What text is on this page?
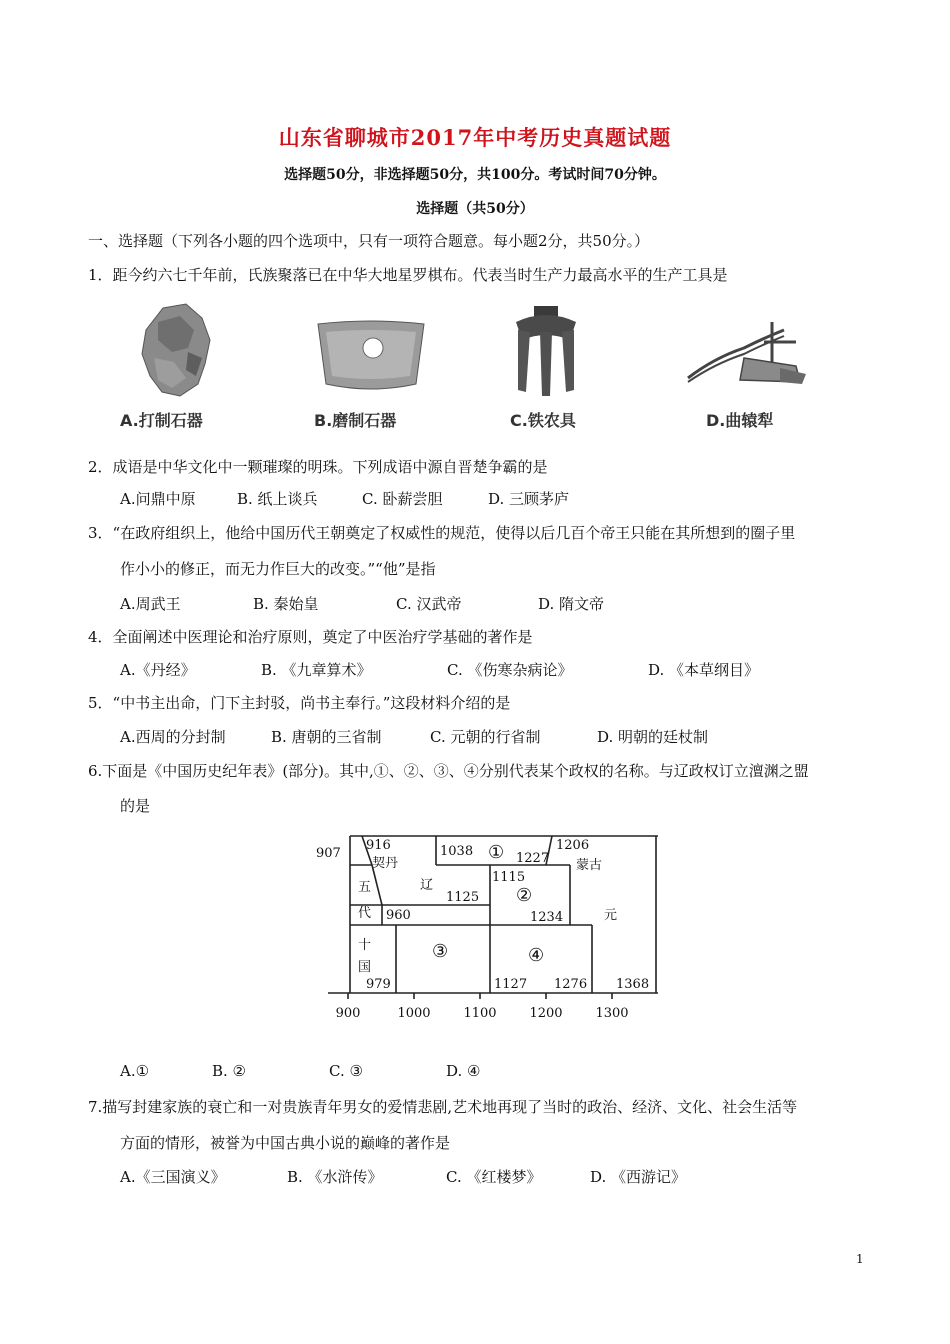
山东省聊城市2017年中考历史真题试题
选择题50分，非选择题50分，共100分。考试时间70分钟。
选择题（共50分）
一、选择题（下列各小题的四个选项中，只有一项符合题意。每小题2分，共50分。）
1．距今约六七千年前，氏族聚落已在中华大地星罗棋布。代表当时生产力最高水平的生产工具是
A.打制石器	B.磨制石器	C.铁农具	D.曲辕犁
2．成语是中华文化中一颗璀璨的明珠。下列成语中源自晋楚争霸的是
A.问鼎中原	B. 纸上谈兵	C. 卧薪尝胆	D. 三顾茅庐
3．“在政府组织上，他给中国历代王朝奠定了权威性的规范，使得以后几百个帝王只能在其所想到的圈子里
作小小的修正，而无力作巨大的改变。”“他”是指
A.周武王	B. 秦始皇	C. 汉武帝	D. 隋文帝
4．全面阐述中医理论和治疗原则，奠定了中医治疗学基础的著作是
A.《丹经》	B. 《九章算术》	C. 《伤寒杂病论》	D. 《本草纲目》
5．“中书主出命，门下主封驳，尚书主奉行。”这段材料介绍的是
A.西周的分封制	B. 唐朝的三省制	C. 元朝的行省制	D. 明朝的廷杖制
6.下面是《中国历史纪年表》(部分)。其中,①、②、③、④分别代表某个政权的名称。与辽政权订立澶渊之盟
的是
907
916
契丹
1038 ① 1227
1206
蒙古
辽
1115
②
五
代
1125
960	1234	元
十
国
③	④
979	1127 1276 1368
900	1000	1100	1200	1300
A.①	B. ②	C. ③	D. ④
7.描写封建家族的衰亡和一对贵族青年男女的爱情悲剧,艺术地再现了当时的政治、经济、文化、社会生活等
方面的情形，被誉为中国古典小说的巅峰的著作是
A.《三国演义》	B. 《水浒传》	C. 《红楼梦》	D. 《西游记》
1
